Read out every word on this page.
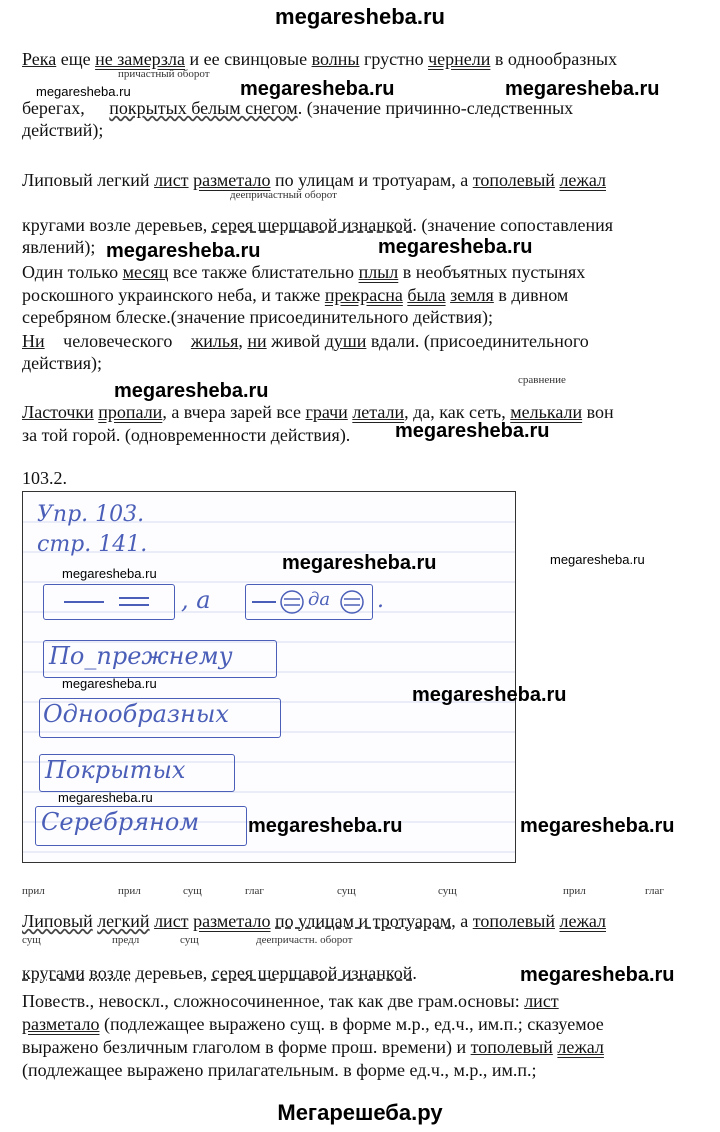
megaresheba.ru
Река еще не замерзла и ее свинцовые волны грустно чернели в однообразных
причастный оборот
берегах, покрытых белым снегом. (значение причинно-следственных
действий);
Липовый легкий лист разметало по улицам и тротуарам, а тополевый лежал
деепричастный оборот
кругами возле деревьев, серея шершавой изнанкой. (значение сопоставления
явлений);
Один только месяц все также блистательно плыл в необъятных пустынях
роскошного украинского неба, и также прекрасна была земля в дивном
серебряном блеске.(значение присоединительного действия);
Ни человеческого жилья, ни живой души вдали. (присоединительного
действия);
сравнение
Ласточки пропали, а вчера зарей все грачи летали, да, как сеть, мелькали вон
за той горой. (одновременности действия).
103.2.
Упр. 103.
стр. 141.
, а	да .
По_прежнему
Однообразных
Покрытых
Серебряном
прил	прил	сущ	глаг	сущ	сущ	прил	глаг
Липовый легкий лист разметало по улицам и тротуарам, а тополевый лежал
сущ	предл	сущ	деепричастн. оборот
кругами возле деревьев, серея шершавой изнанкой.
Повеств., невоскл., сложносочиненное, так как две грам.основы: лист
разметало (подлежащее выражено сущ. в форме м.р., ед.ч., им.п.; сказуемое
выражено безличным глаголом в форме прош. времени) и тополевый лежал
(подлежащее выражено прилагательным. в форме ед.ч., м.р., им.п.;
megaresheba.ru	megaresheba.ru	megaresheba.ru
megaresheba.ru	megaresheba.ru
megaresheba.ru
megaresheba.ru
megaresheba.ru
megaresheba.ru
megaresheba.ru
megaresheba.ru
megaresheba.ru
megaresheba.ru
megaresheba.ru	megaresheba.ru
megaresheba.ru
Мегарешеба.ру
